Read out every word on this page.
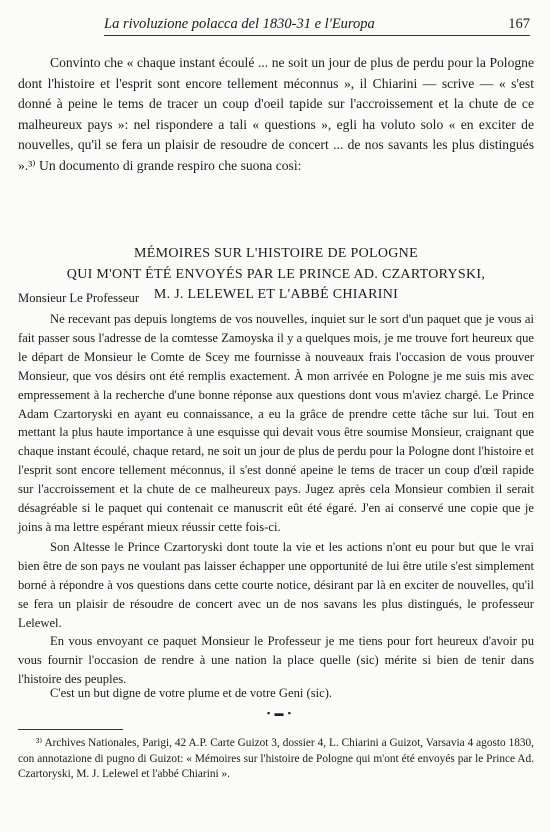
La rivoluzione polacca del 1830-31 e l'Europa	167
Convinto che « chaque instant écoulé ... ne soit un jour de plus de perdu pour la Pologne dont l'histoire et l'esprit sont encore tellement méconnus », il Chiarini — scrive — « s'est donné à peine le tems de tracer un coup d'oeil tapide sur l'accroissement et la chute de ce malheureux pays »: nel rispondere a tali « questions », egli ha voluto solo « en exciter de nouvelles, qu'il se fera un plaisir de resoudre de concert ... de nos savants les plus distingués ».³⁾ Un documento di grande respiro che suona così:
MÉMOIRES SUR L'HISTOIRE DE POLOGNE
QUI M'ONT ÉTÉ ENVOYÉS PAR LE PRINCE AD. CZARTORYSKI,
M. J. LELEWEL ET L'ABBÉ CHIARINI
Monsieur Le Professeur
Ne recevant pas depuis longtems de vos nouvelles, inquiet sur le sort d'un paquet que je vous ai fait passer sous l'adresse de la comtesse Zamoyska il y a quelques mois, je me trouve fort heureux que le départ de Monsieur le Comte de Scey me fournisse à nouveaux frais l'occasion de vous prouver Monsieur, que vos désirs ont été remplis exactement. À mon arrivée en Pologne je me suis mis avec empressement à la recherche d'une bonne réponse aux questions dont vous m'aviez chargé. Le Prince Adam Czartoryski en ayant eu connaissance, a eu la grâce de prendre cette tâche sur lui. Tout en mettant la plus haute importance à une esquisse qui devait vous être soumise Monsieur, craignant que chaque instant écoulé, chaque retard, ne soit un jour de plus de perdu pour la Pologne dont l'histoire et l'esprit sont encore tellement méconnus, il s'est donné apeine le tems de tracer un coup d'œil rapide sur l'accroissement et la chute de ce malheureux pays. Jugez après cela Monsieur combien il serait désagréable si le paquet qui contenait ce manuscrit eût été égaré. J'en ai conservé une copie que je joins à ma lettre espérant mieux réussir cette fois-ci.
Son Altesse le Prince Czartoryski dont toute la vie et les actions n'ont eu pour but que le vrai bien être de son pays ne voulant pas laisser échapper une opportunité de lui être utile s'est simplement borné à répondre à vos questions dans cette courte notice, désirant par là en exciter de nouvelles, qu'il se fera un plaisir de résoudre de concert avec un de nos savans les plus distingués, le professeur Lelewel.
En vous envoyant ce paquet Monsieur le Professeur je me tiens pour fort heureux d'avoir pu vous fournir l'occasion de rendre à une nation la place quelle (sic) mérite si bien de tenir dans l'histoire des peuples.
C'est un but digne de votre plume et de votre Geni (sic).
▪ ▬ ▪
³⁾ Archives Nationales, Parigi, 42 A.P. Carte Guizot 3, dossier 4, L. Chiarini a Guizot, Varsavia 4 agosto 1830, con annotazione di pugno di Guizot: « Mémoires sur l'histoire de Pologne qui m'ont été envoyés par le Prince Ad. Czartoryski, M. J. Lelewel et l'abbé Chiarini ».
